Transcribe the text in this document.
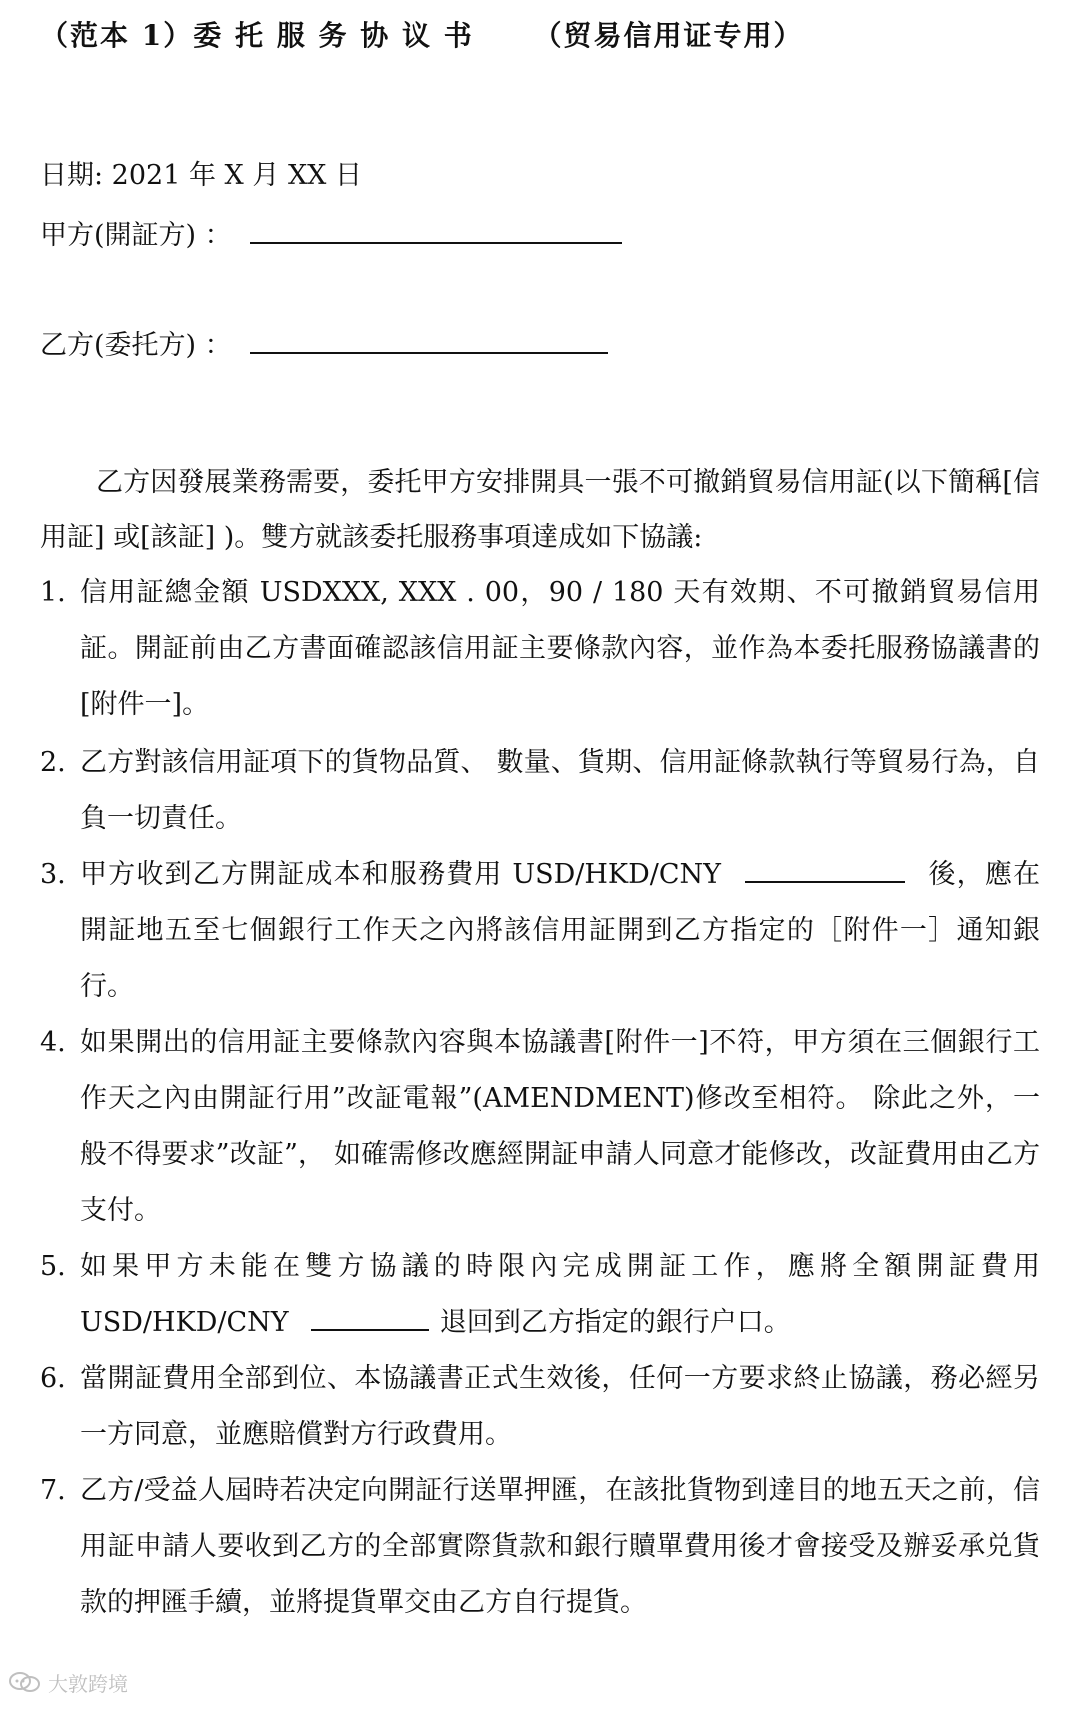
（范本 1）委 托 服 务 协 议 书 （贸易信用证专用）
日期: 2021 年 X 月 XX 日
甲方(開証方) ：
乙方(委托方) ：
乙方因發展業務需要，委托甲方安排開具一張不可撤銷貿易信用証(以下簡稱[信用証] 或[該証] )。雙方就該委托服務事項達成如下協議:
1. 信用証總金額 USDXXX, XXX . 00，90 / 180 天有效期、不可撤銷貿易信用証。開証前由乙方書面確認該信用証主要條款內容，並作為本委托服務協議書的[附件一]。
2. 乙方對該信用証項下的貨物品質、 數量、貨期、信用証條款執行等貿易行為，自負一切責任。
3. 甲方收到乙方開証成本和服務費用 USD/HKD/CNY	後，應在開証地五至七個銀行工作天之內將該信用証開到乙方指定的［附件一］通知銀行。
4. 如果開出的信用証主要條款內容與本協議書[附件一]不符，甲方須在三個銀行工作天之內由開証行用”改証電報”(AMENDMENT)修改至相符。 除此之外，一般不得要求”改証”， 如確需修改應經開証申請人同意才能修改，改証費用由乙方支付。
5. 如果甲方未能在雙方協議的時限內完成開証工作，應將全額開証費用 USD/HKD/CNY	退回到乙方指定的銀行户口。
6. 當開証費用全部到位、本協議書正式生效後，任何一方要求終止協議，務必經另一方同意，並應賠償對方行政費用。
7. 乙方/受益人屆時若决定向開証行送單押匯，在該批貨物到達目的地五天之前，信用証申請人要收到乙方的全部實際貨款和銀行贖單費用後才會接受及辦妥承兑貨款的押匯手續，並將提貨單交由乙方自行提貨。
大敦跨境
